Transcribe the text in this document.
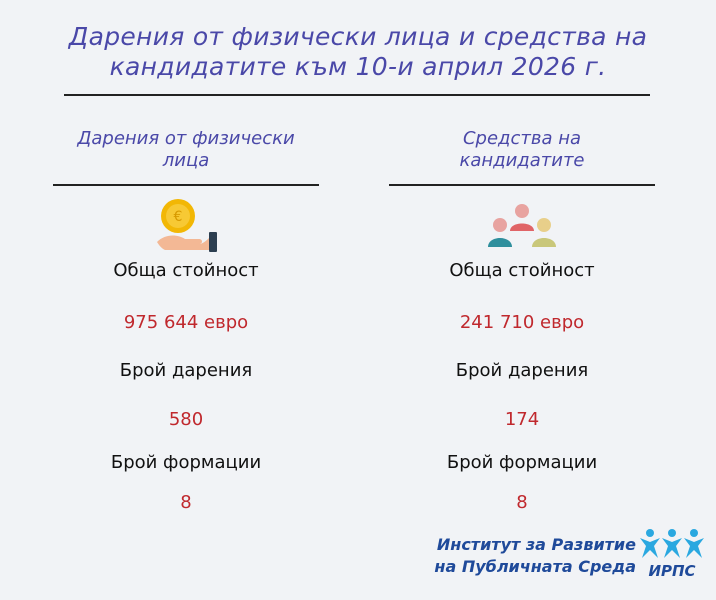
Дарения от физически лица и средства на
кандидатите към 10-и април 2026 г.
Дарения от физически
лица
€
Обща стойност
975 644 евро
Брой дарения
580
Брой формации
8
Средства на
кандидатите
Обща стойност
241 710 евро
Брой дарения
174
Брой формации
8
Институт за Развитие
на Публичната Среда ИРПС
